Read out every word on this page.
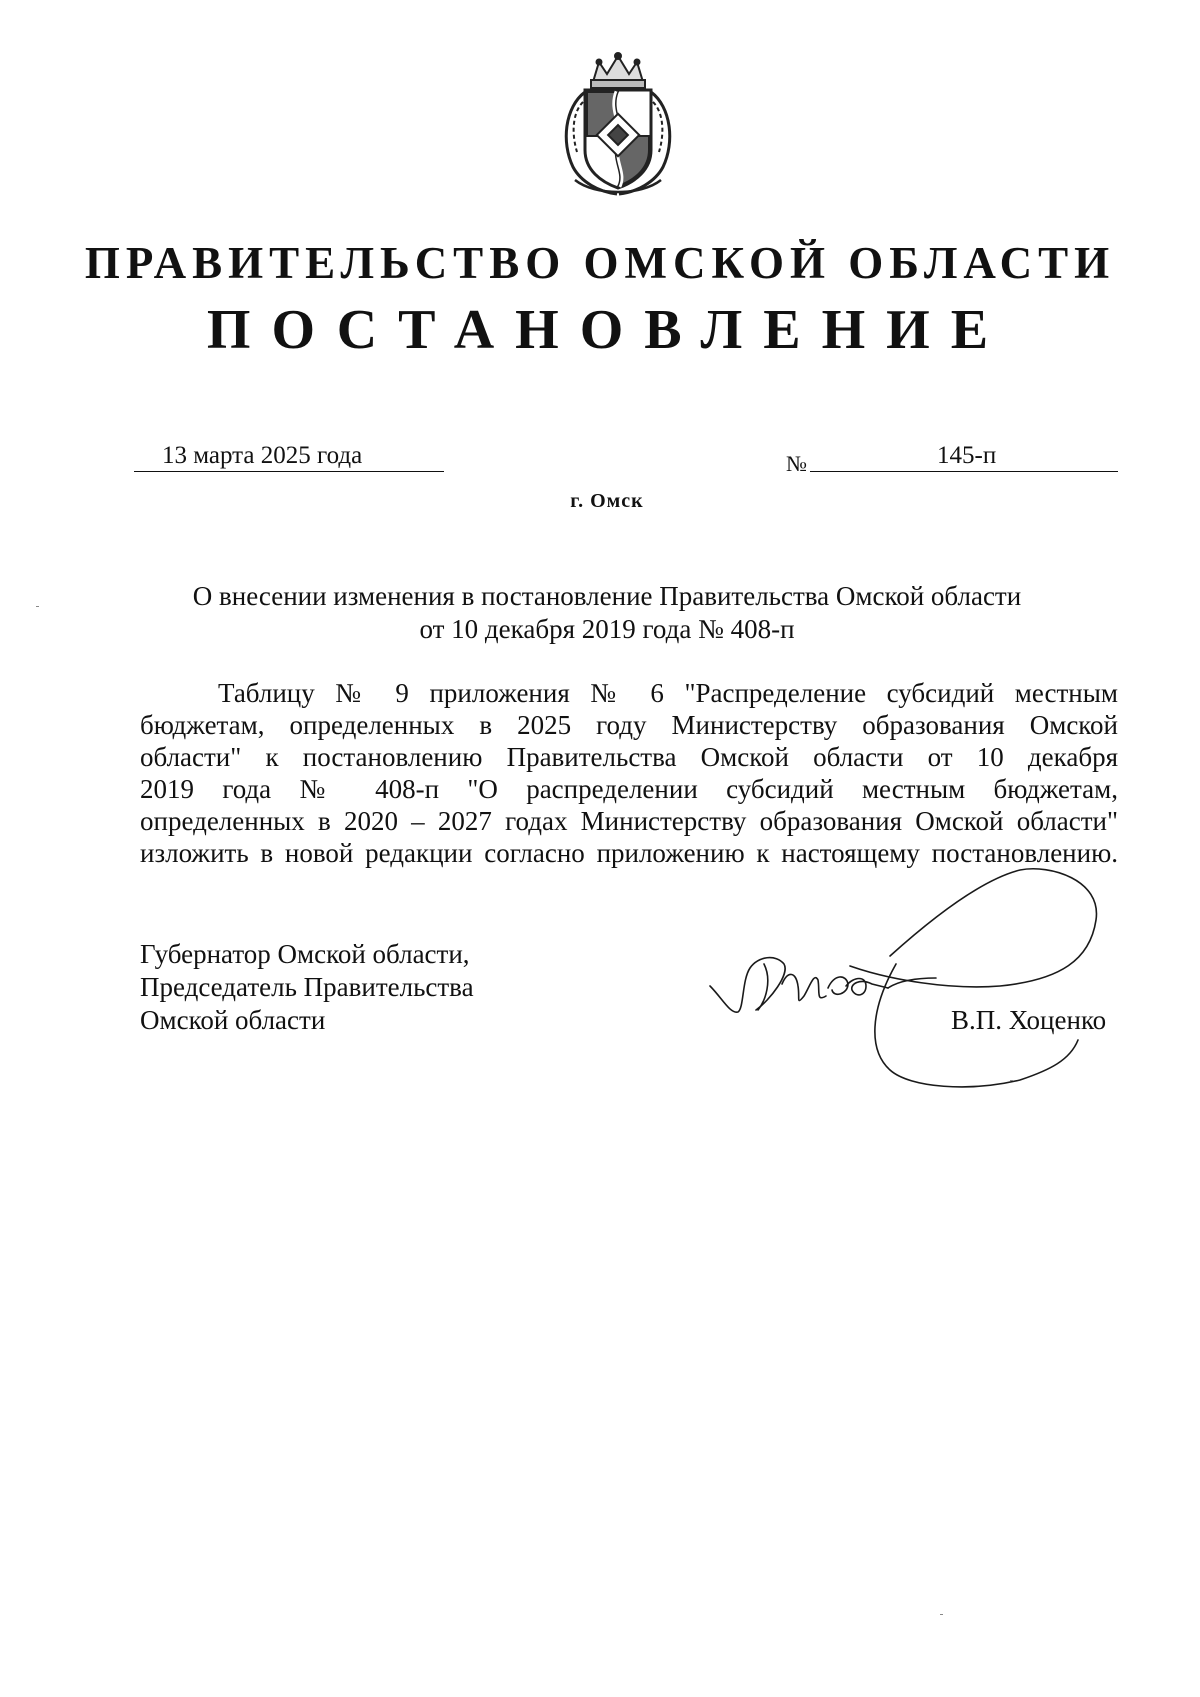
ПРАВИТЕЛЬСТВО ОМСКОЙ ОБЛАСТИ
ПОСТАНОВЛЕНИЕ
13 марта 2025 года	№	145-п
г. Омск
О внесении изменения в постановление Правительства Омской области
от 10 декабря 2019 года № 408-п
Таблицу № 9 приложения № 6 "Распределение субсидий местным
бюджетам, определенных в 2025 году Министерству образования Омской
области" к постановлению Правительства Омской области от 10 декабря
2019 года № 408-п "О распределении субсидий местным бюджетам,
определенных в 2020 – 2027 годах Министерству образования Омской области"
изложить в новой редакции согласно приложению к настоящему постановлению.
Губернатор Омской области,
Председатель Правительства
Омской области	В.П. Хоценко
